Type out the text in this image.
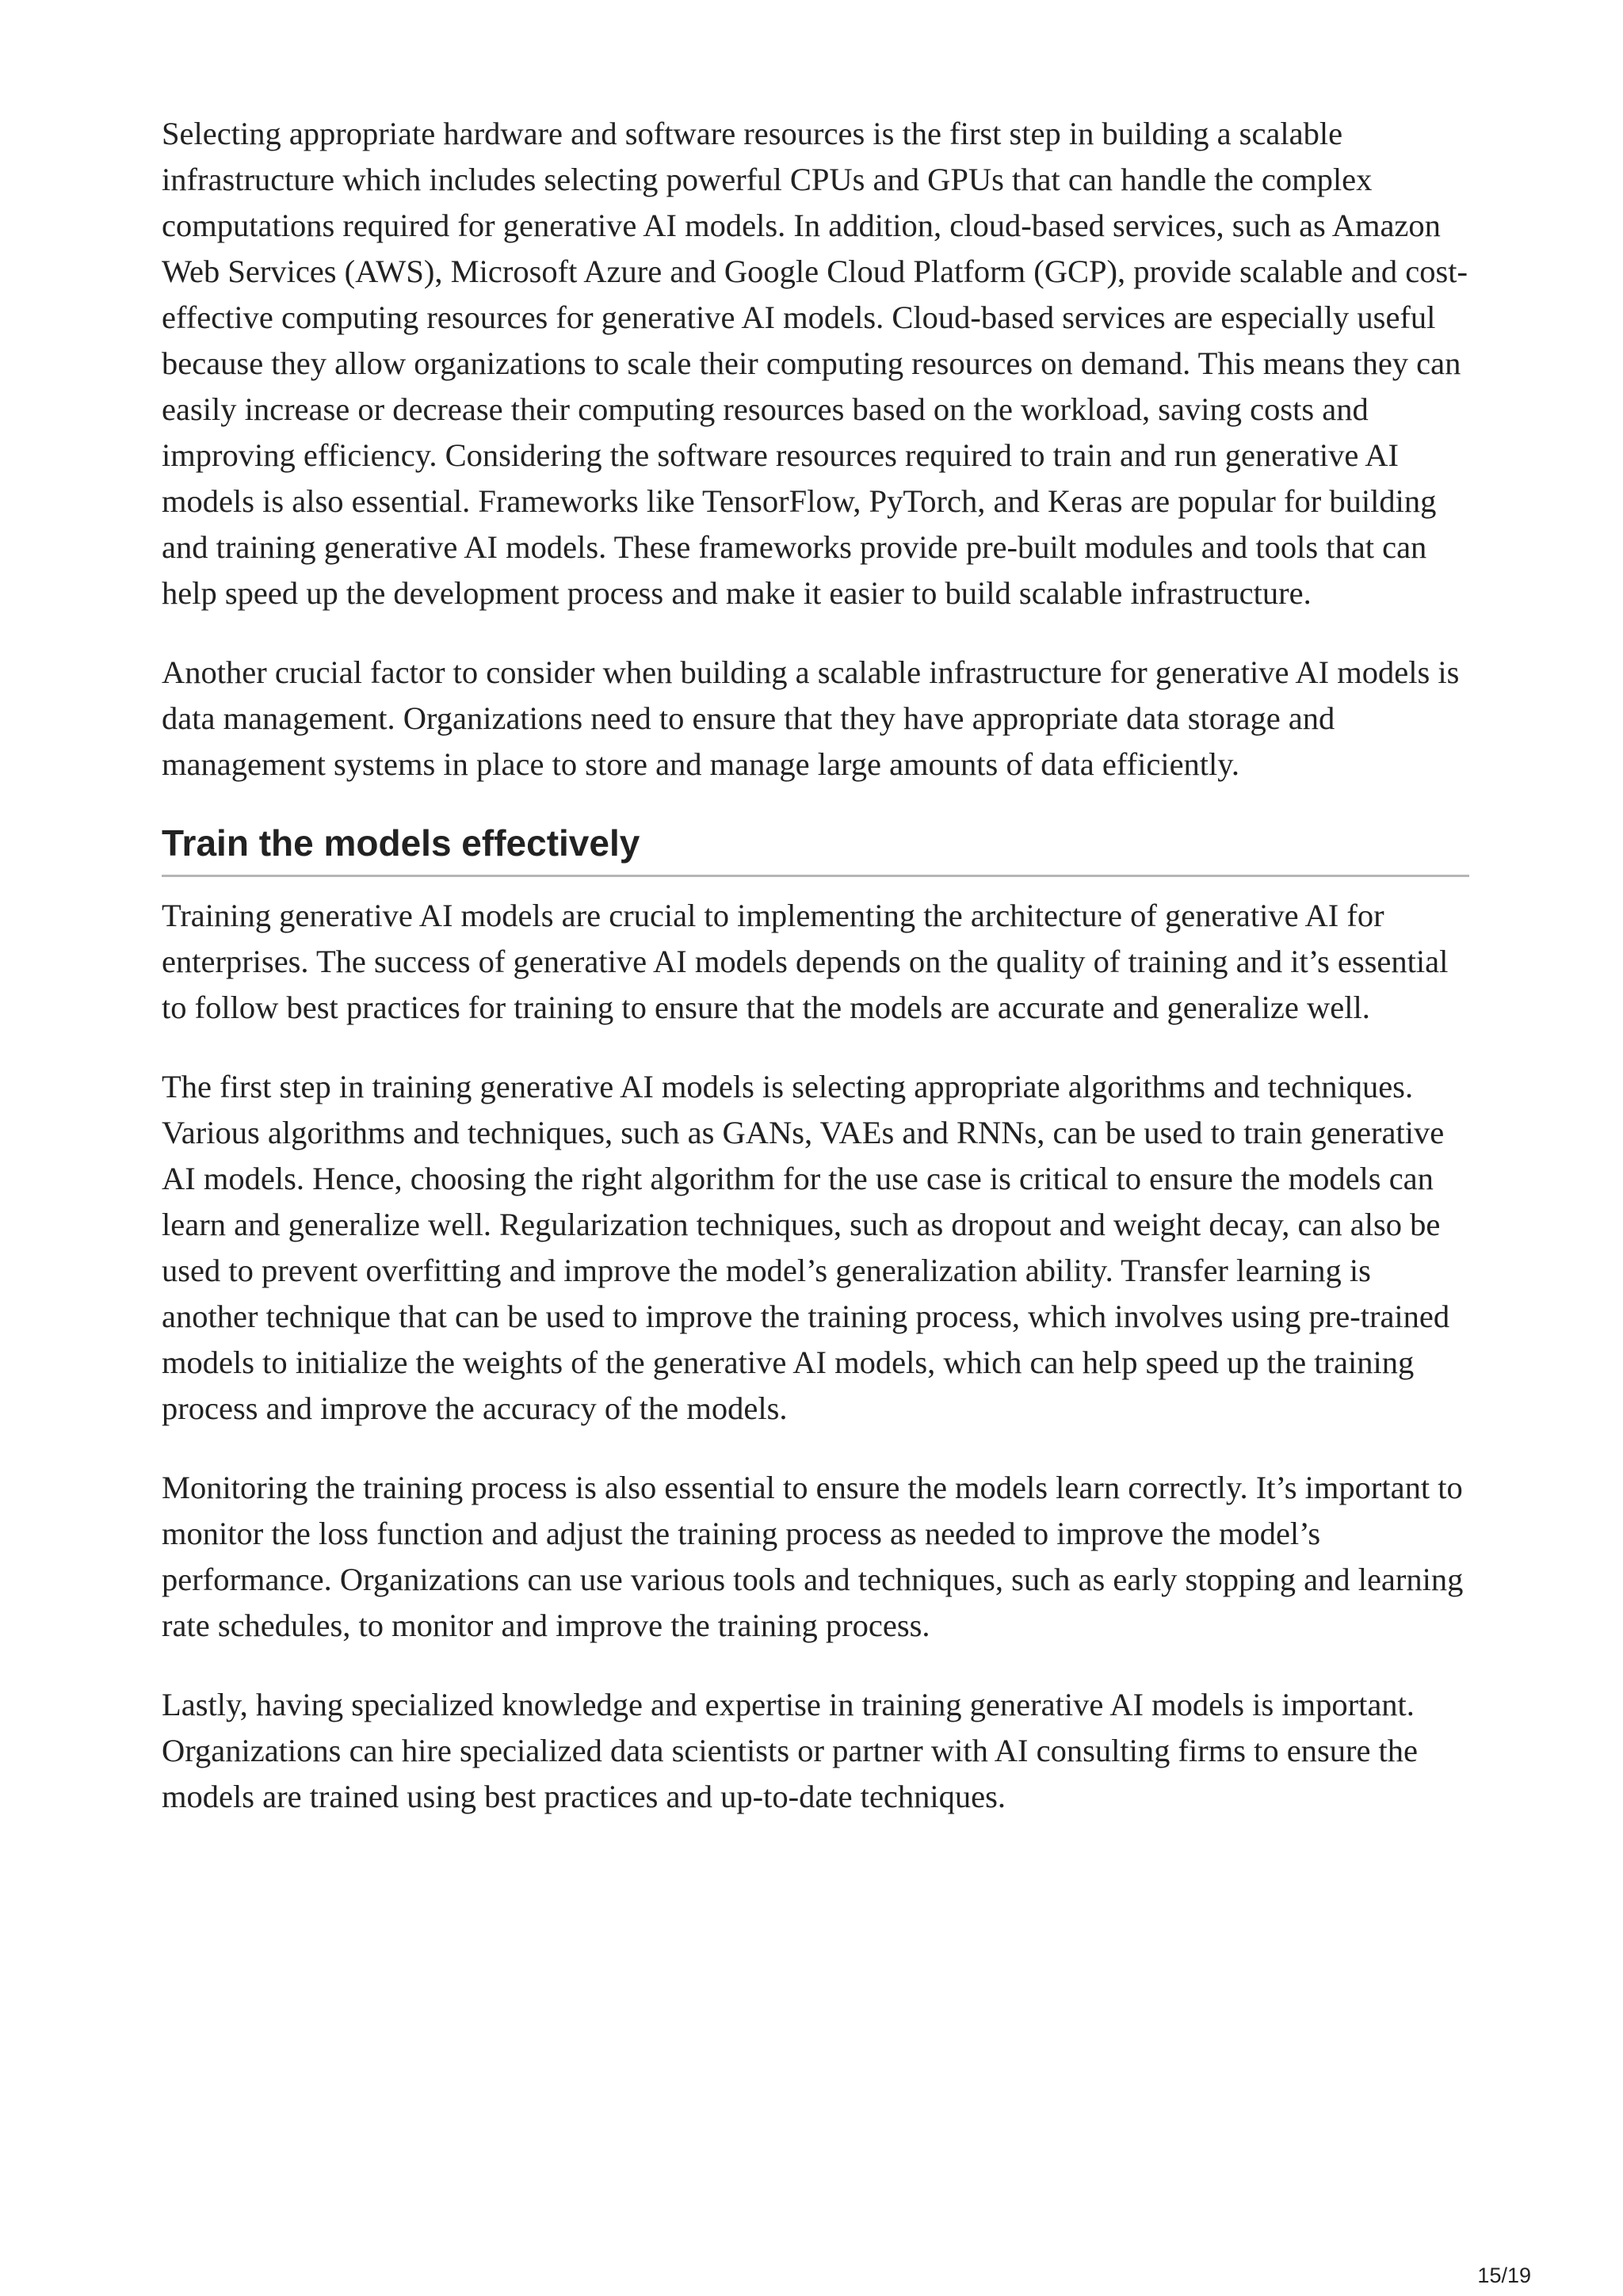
Selecting appropriate hardware and software resources is the first step in building a scalable infrastructure which includes selecting powerful CPUs and GPUs that can handle the complex computations required for generative AI models. In addition, cloud-based services, such as Amazon Web Services (AWS), Microsoft Azure and Google Cloud Platform (GCP), provide scalable and cost-effective computing resources for generative AI models. Cloud-based services are especially useful because they allow organizations to scale their computing resources on demand. This means they can easily increase or decrease their computing resources based on the workload, saving costs and improving efficiency. Considering the software resources required to train and run generative AI models is also essential. Frameworks like TensorFlow, PyTorch, and Keras are popular for building and training generative AI models. These frameworks provide pre-built modules and tools that can help speed up the development process and make it easier to build scalable infrastructure.

Another crucial factor to consider when building a scalable infrastructure for generative AI models is data management. Organizations need to ensure that they have appropriate data storage and management systems in place to store and manage large amounts of data efficiently.

Train the models effectively

Training generative AI models are crucial to implementing the architecture of generative AI for enterprises. The success of generative AI models depends on the quality of training and it’s essential to follow best practices for training to ensure that the models are accurate and generalize well.

The first step in training generative AI models is selecting appropriate algorithms and techniques. Various algorithms and techniques, such as GANs, VAEs and RNNs, can be used to train generative AI models. Hence, choosing the right algorithm for the use case is critical to ensure the models can learn and generalize well. Regularization techniques, such as dropout and weight decay, can also be used to prevent overfitting and improve the model’s generalization ability. Transfer learning is another technique that can be used to improve the training process, which involves using pre-trained models to initialize the weights of the generative AI models, which can help speed up the training process and improve the accuracy of the models.

Monitoring the training process is also essential to ensure the models learn correctly. It’s important to monitor the loss function and adjust the training process as needed to improve the model’s performance. Organizations can use various tools and techniques, such as early stopping and learning rate schedules, to monitor and improve the training process.

Lastly, having specialized knowledge and expertise in training generative AI models is important. Organizations can hire specialized data scientists or partner with AI consulting firms to ensure the models are trained using best practices and up-to-date techniques.

15/19
